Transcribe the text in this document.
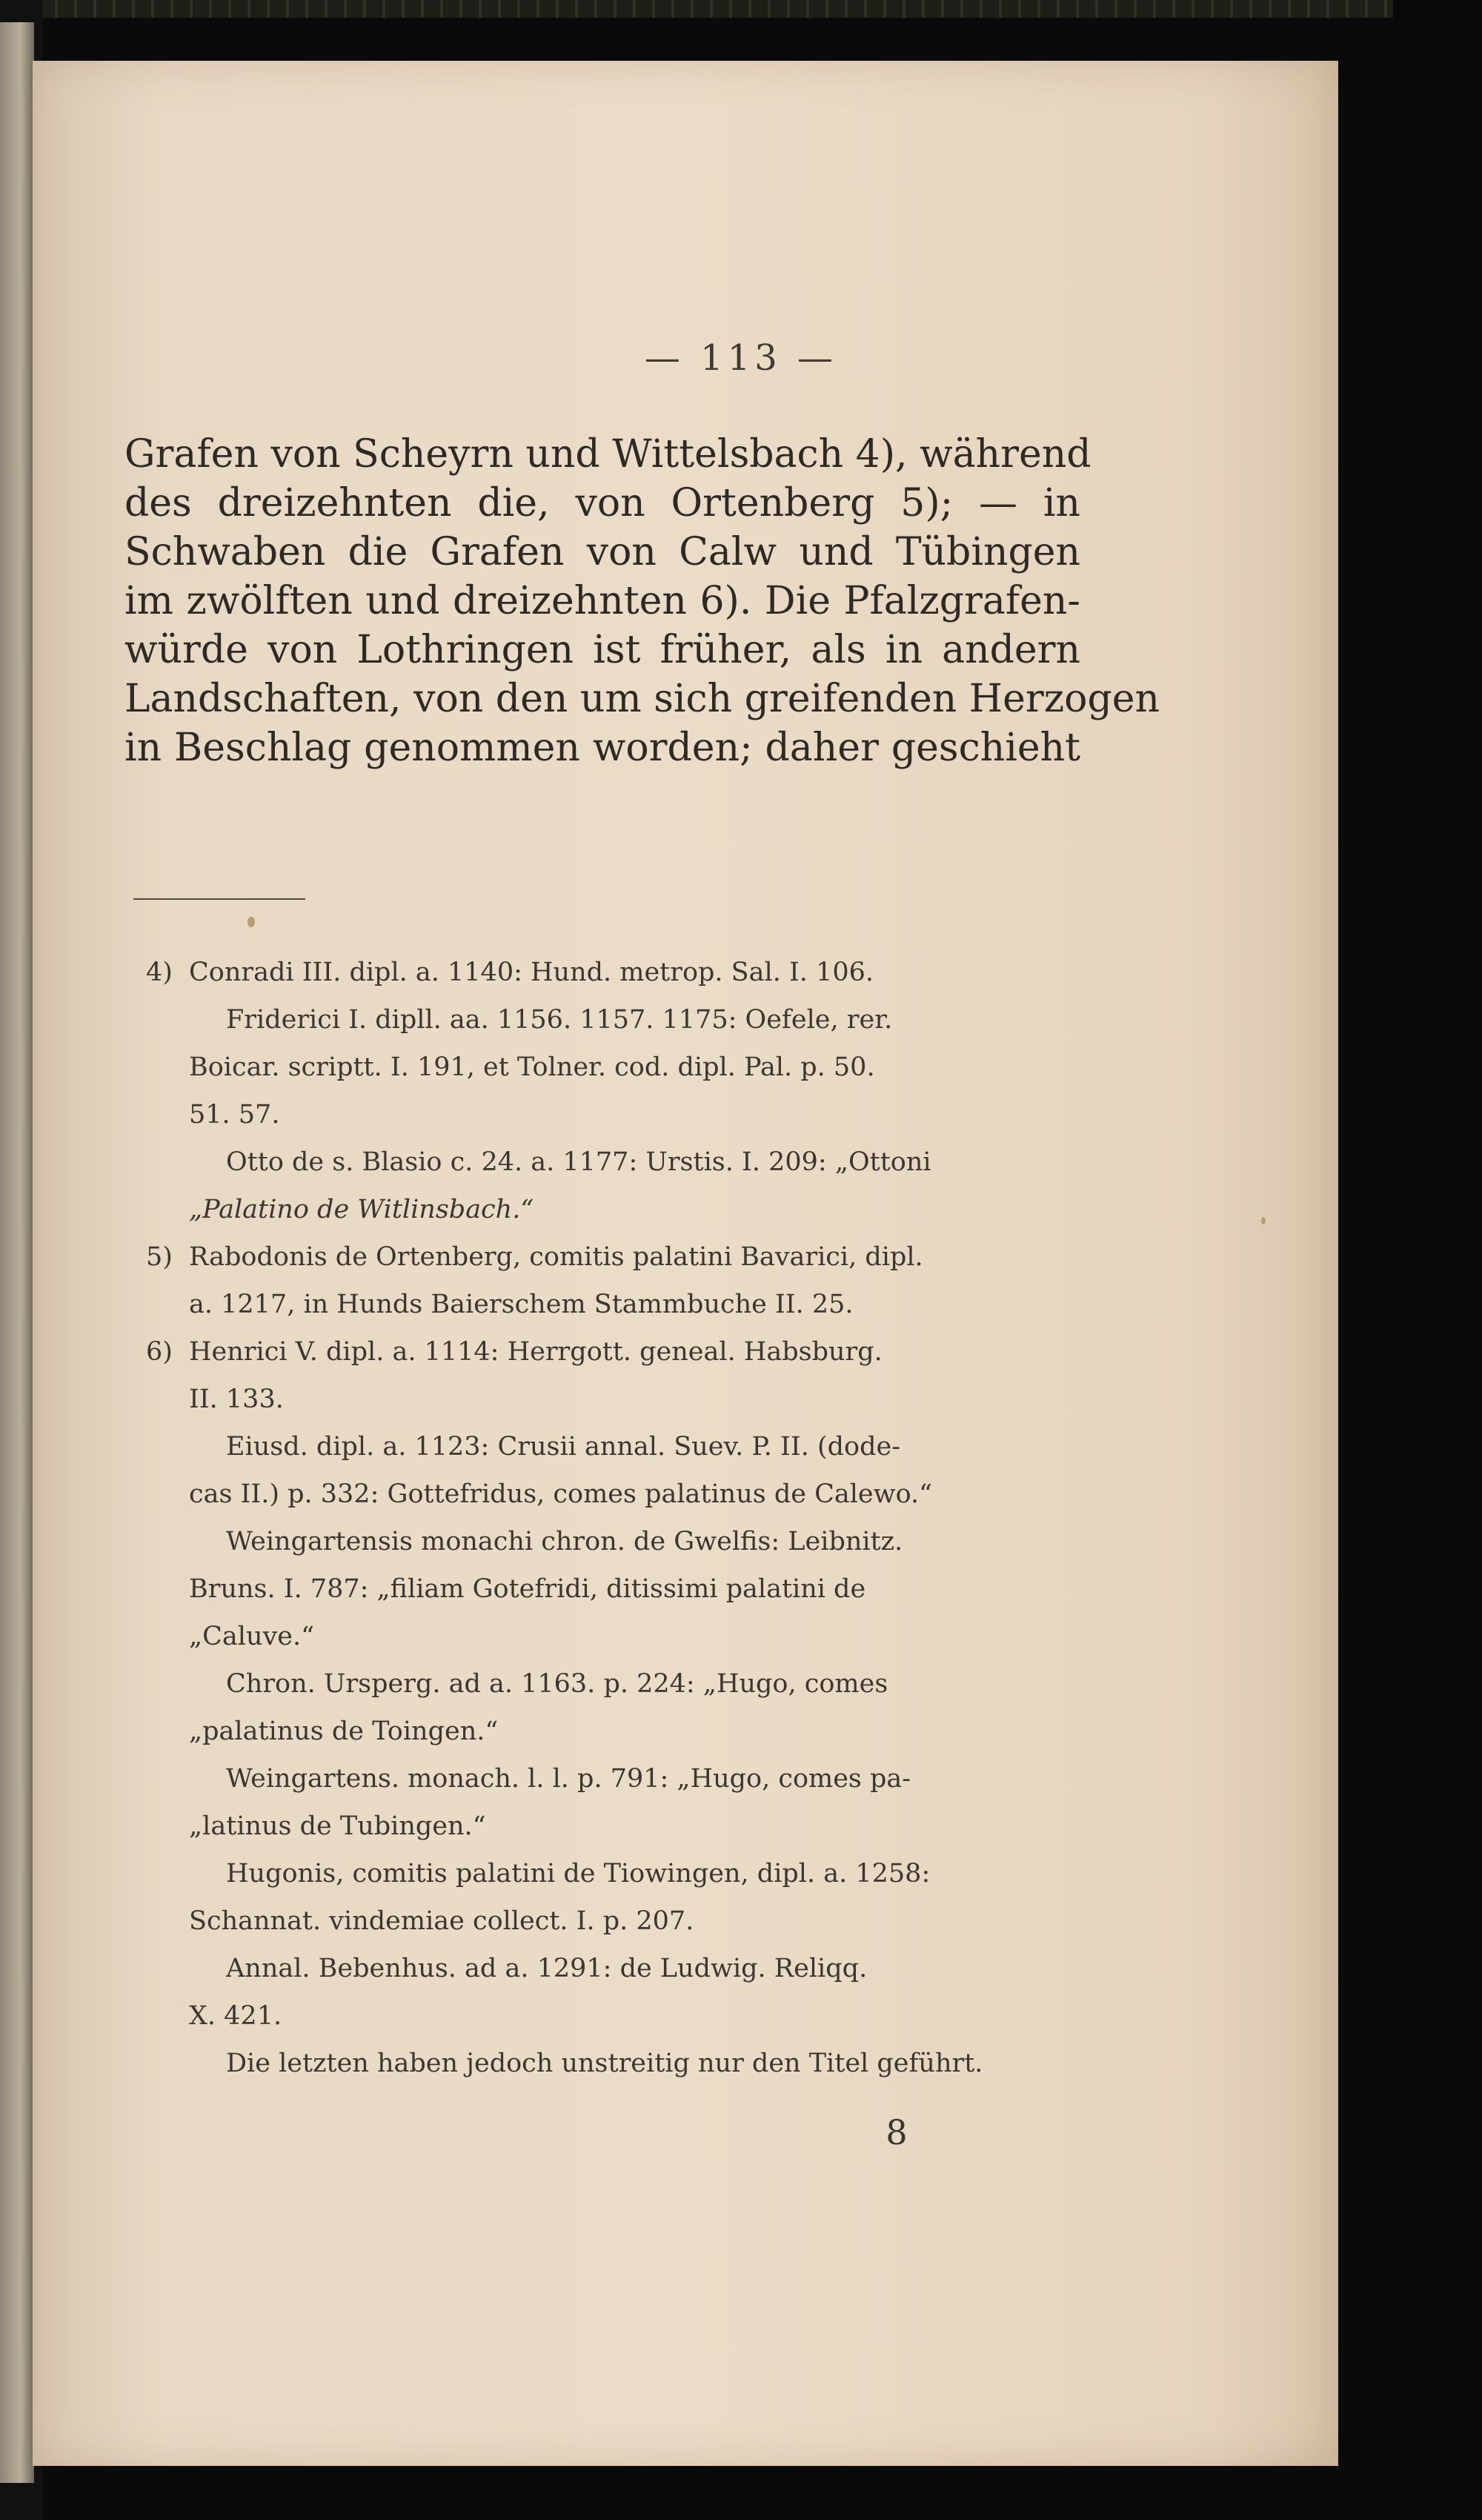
— 113 —
Grafen von Scheyrn und Wittelsbach 4), während
des dreizehnten die, von Ortenberg 5); — in
Schwaben die Grafen von Calw und Tübingen
im zwölften und dreizehnten 6). Die Pfalzgrafen-
würde von Lothringen ist früher, als in andern
Landschaften, von den um sich greifenden Herzogen
in Beschlag genommen worden; daher geschieht
4) Conradi III. dipl. a. 1140: Hund. metrop. Sal. I. 106.
Friderici I. dipll. aa. 1156. 1157. 1175: Oefele, rer.
Boicar. scriptt. I. 191, et Tolner. cod. dipl. Pal. p. 50.
51. 57.
Otto de s. Blasio c. 24. a. 1177: Urstis. I. 209: „Ottoni
„Palatino de Witlinsbach.“
5) Rabodonis de Ortenberg, comitis palatini Bavarici, dipl.
a. 1217, in Hunds Baierschem Stammbuche II. 25.
6) Henrici V. dipl. a. 1114: Herrgott. geneal. Habsburg.
II. 133.
Eiusd. dipl. a. 1123: Crusii annal. Suev. P. II. (dode-
cas II.) p. 332: Gottefridus, comes palatinus de Calewo.“
Weingartensis monachi chron. de Gwelfis: Leibnitz.
Bruns. I. 787: „filiam Gotefridi, ditissimi palatini de
„Caluve.“
Chron. Ursperg. ad a. 1163. p. 224: „Hugo, comes
„palatinus de Toingen.“
Weingartens. monach. l. l. p. 791: „Hugo, comes pa-
„latinus de Tubingen.“
Hugonis, comitis palatini de Tiowingen, dipl. a. 1258:
Schannat. vindemiae collect. I. p. 207.
Annal. Bebenhus. ad a. 1291: de Ludwig. Reliqq.
X. 421.
Die letzten haben jedoch unstreitig nur den Titel geführt.
8
